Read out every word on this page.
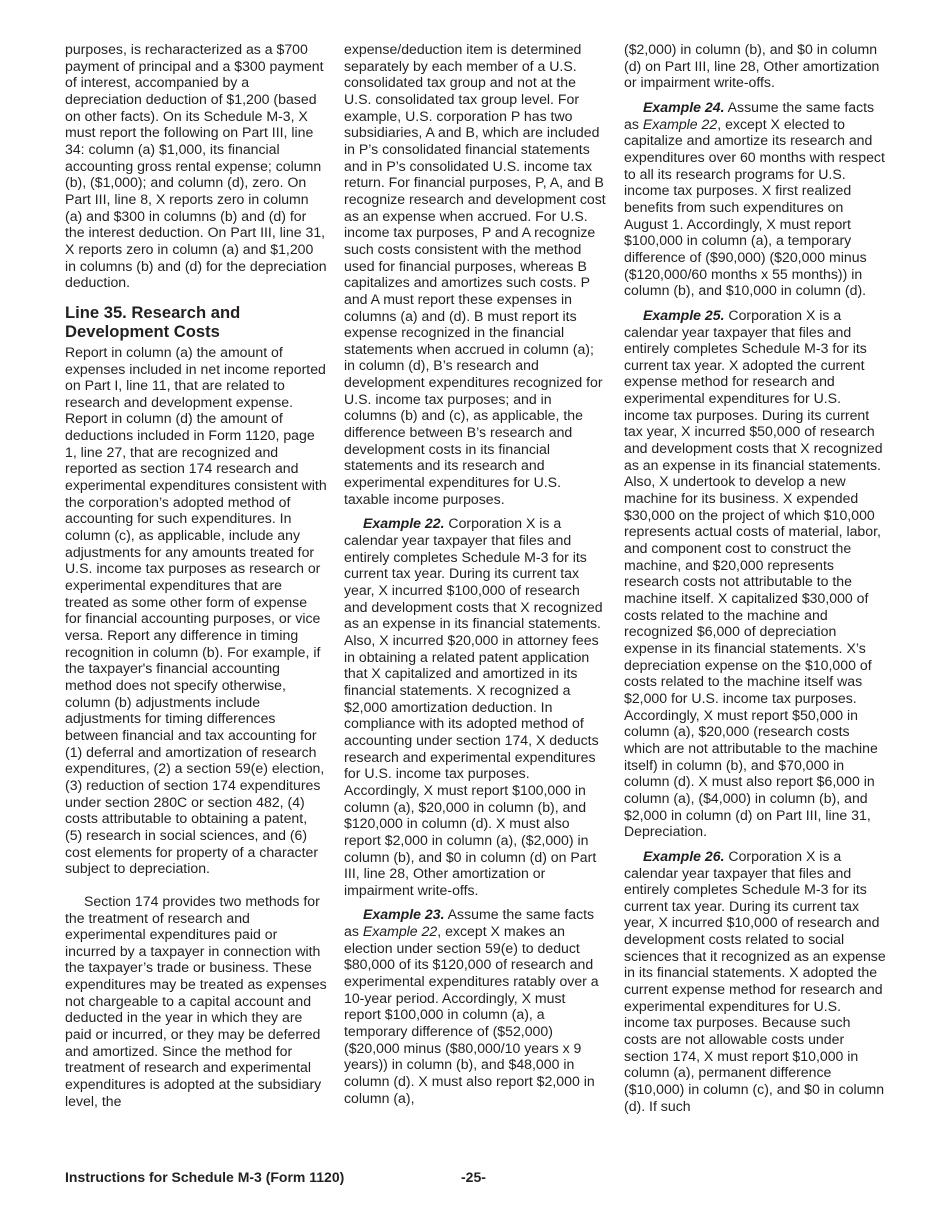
purposes, is recharacterized as a $700 payment of principal and a $300 payment of interest, accompanied by a depreciation deduction of $1,200 (based on other facts). On its Schedule M-3, X must report the following on Part III, line 34: column (a) $1,000, its financial accounting gross rental expense; column (b), ($1,000); and column (d), zero. On Part III, line 8, X reports zero in column (a) and $300 in columns (b) and (d) for the interest deduction. On Part III, line 31, X reports zero in column (a) and $1,200 in columns (b) and (d) for the depreciation deduction.

Line 35. Research and Development Costs

Report in column (a) the amount of expenses included in net income reported on Part I, line 11, that are related to research and development expense. Report in column (d) the amount of deductions included in Form 1120, page 1, line 27, that are recognized and reported as section 174 research and experimental expenditures consistent with the corporation’s adopted method of accounting for such expenditures. In column (c), as applicable, include any adjustments for any amounts treated for U.S. income tax purposes as research or experimental expenditures that are treated as some other form of expense for financial accounting purposes, or vice versa. Report any difference in timing recognition in column (b). For example, if the taxpayer's financial accounting method does not specify otherwise, column (b) adjustments include adjustments for timing differences between financial and tax accounting for (1) deferral and amortization of research expenditures, (2) a section 59(e) election, (3) reduction of section 174 expenditures under section 280C or section 482, (4) costs attributable to obtaining a patent, (5) research in social sciences, and (6) cost elements for property of a character subject to depreciation.

Section 174 provides two methods for the treatment of research and experimental expenditures paid or incurred by a taxpayer in connection with the taxpayer’s trade or business. These expenditures may be treated as expenses not chargeable to a capital account and deducted in the year in which they are paid or incurred, or they may be deferred and amortized. Since the method for treatment of research and experimental expenditures is adopted at the subsidiary level, the

expense/deduction item is determined separately by each member of a U.S. consolidated tax group and not at the U.S. consolidated tax group level. For example, U.S. corporation P has two subsidiaries, A and B, which are included in P’s consolidated financial statements and in P’s consolidated U.S. income tax return. For financial purposes, P, A, and B recognize research and development cost as an expense when accrued. For U.S. income tax purposes, P and A recognize such costs consistent with the method used for financial purposes, whereas B capitalizes and amortizes such costs. P and A must report these expenses in columns (a) and (d). B must report its expense recognized in the financial statements when accrued in column (a); in column (d), B’s research and development expenditures recognized for U.S. income tax purposes; and in columns (b) and (c), as applicable, the difference between B’s research and development costs in its financial statements and its research and experimental expenditures for U.S. taxable income purposes.

Example 22. Corporation X is a calendar year taxpayer that files and entirely completes Schedule M-3 for its current tax year. During its current tax year, X incurred $100,000 of research and development costs that X recognized as an expense in its financial statements. Also, X incurred $20,000 in attorney fees in obtaining a related patent application that X capitalized and amortized in its financial statements. X recognized a $2,000 amortization deduction. In compliance with its adopted method of accounting under section 174, X deducts research and experimental expenditures for U.S. income tax purposes. Accordingly, X must report $100,000 in column (a), $20,000 in column (b), and $120,000 in column (d). X must also report $2,000 in column (a), ($2,000) in column (b), and $0 in column (d) on Part III, line 28, Other amortization or impairment write-offs.

Example 23. Assume the same facts as Example 22, except X makes an election under section 59(e) to deduct $80,000 of its $120,000 of research and experimental expenditures ratably over a 10-year period. Accordingly, X must report $100,000 in column (a), a temporary difference of ($52,000) ($20,000 minus ($80,000/10 years x 9 years)) in column (b), and $48,000 in column (d). X must also report $2,000 in column (a),

($2,000) in column (b), and $0 in column (d) on Part III, line 28, Other amortization or impairment write-offs.

Example 24. Assume the same facts as Example 22, except X elected to capitalize and amortize its research and expenditures over 60 months with respect to all its research programs for U.S. income tax purposes. X first realized benefits from such expenditures on August 1. Accordingly, X must report $100,000 in column (a), a temporary difference of ($90,000) ($20,000 minus ($120,000/60 months x 55 months)) in column (b), and $10,000 in column (d).

Example 25. Corporation X is a calendar year taxpayer that files and entirely completes Schedule M-3 for its current tax year. X adopted the current expense method for research and experimental expenditures for U.S. income tax purposes. During its current tax year, X incurred $50,000 of research and development costs that X recognized as an expense in its financial statements. Also, X undertook to develop a new machine for its business. X expended $30,000 on the project of which $10,000 represents actual costs of material, labor, and component cost to construct the machine, and $20,000 represents research costs not attributable to the machine itself. X capitalized $30,000 of costs related to the machine and recognized $6,000 of depreciation expense in its financial statements. X’s depreciation expense on the $10,000 of costs related to the machine itself was $2,000 for U.S. income tax purposes. Accordingly, X must report $50,000 in column (a), $20,000 (research costs which are not attributable to the machine itself) in column (b), and $70,000 in column (d). X must also report $6,000 in column (a), ($4,000) in column (b), and $2,000 in column (d) on Part III, line 31, Depreciation.

Example 26. Corporation X is a calendar year taxpayer that files and entirely completes Schedule M-3 for its current tax year. During its current tax year, X incurred $10,000 of research and development costs related to social sciences that it recognized as an expense in its financial statements. X adopted the current expense method for research and experimental expenditures for U.S. income tax purposes. Because such costs are not allowable costs under section 174, X must report $10,000 in column (a), permanent difference ($10,000) in column (c), and $0 in column (d). If such

Instructions for Schedule M-3 (Form 1120)	-25-
